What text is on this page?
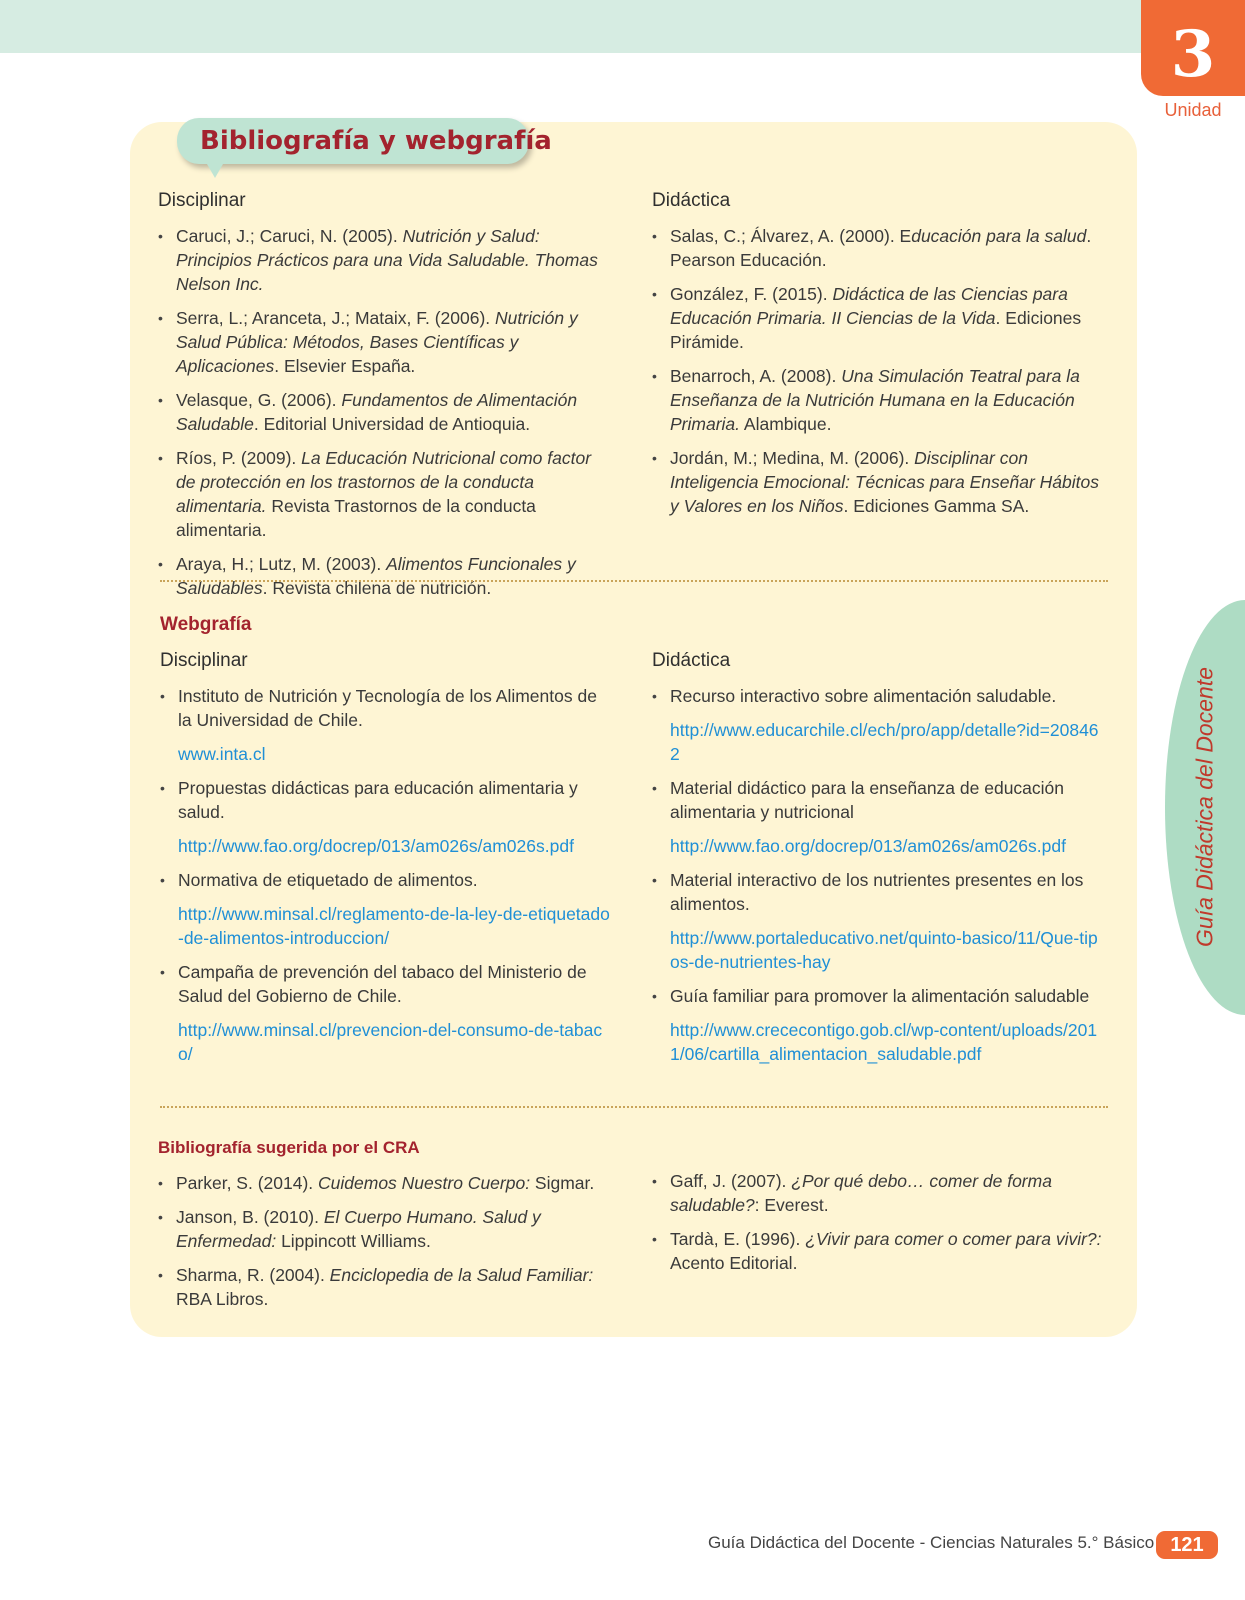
3
Unidad
Guía Didáctica del Docente
Bibliografía y webgrafía
Disciplinar
• Caruci, J.; Caruci, N. (2005). Nutrición y Salud: Principios Prácticos para una Vida Saludable. Thomas Nelson Inc.
• Serra, L.; Aranceta, J.; Mataix, F. (2006). Nutrición y Salud Pública: Métodos, Bases Científicas y Aplicaciones. Elsevier España.
• Velasque, G. (2006). Fundamentos de Alimentación Saludable. Editorial Universidad de Antioquia.
• Ríos, P. (2009). La Educación Nutricional como factor de protección en los trastornos de la conducta alimentaria. Revista Trastornos de la conducta alimentaria.
• Araya, H.; Lutz, M. (2003). Alimentos Funcionales y Saludables. Revista chilena de nutrición.
Didáctica
• Salas, C.; Álvarez, A. (2000). Educación para la salud. Pearson Educación.
• González, F. (2015). Didáctica de las Ciencias para Educación Primaria. II Ciencias de la Vida. Ediciones Pirámide.
• Benarroch, A. (2008). Una Simulación Teatral para la Enseñanza de la Nutrición Humana en la Educación Primaria. Alambique.
• Jordán, M.; Medina, M. (2006). Disciplinar con Inteligencia Emocional: Técnicas para Enseñar Hábitos y Valores en los Niños. Ediciones Gamma SA.
Webgrafía
Disciplinar
• Instituto de Nutrición y Tecnología de los Alimentos de la Universidad de Chile.
www.inta.cl
• Propuestas didácticas para educación alimentaria y salud.
http://www.fao.org/docrep/013/am026s/am026s.pdf
• Normativa de etiquetado de alimentos.
http://www.minsal.cl/reglamento-de-la-ley-de-etiquetado-de-alimentos-introduccion/
• Campaña de prevención del tabaco del Ministerio de Salud del Gobierno de Chile.
http://www.minsal.cl/prevencion-del-consumo-de-tabaco/
Didáctica
• Recurso interactivo sobre alimentación saludable.
http://www.educarchile.cl/ech/pro/app/detalle?id=208462
• Material didáctico para la enseñanza de educación alimentaria y nutricional
http://www.fao.org/docrep/013/am026s/am026s.pdf
• Material interactivo de los nutrientes presentes en los alimentos.
http://www.portaleducativo.net/quinto-basico/11/Que-tipos-de-nutrientes-hay
• Guía familiar para promover la alimentación saludable
http://www.crececontigo.gob.cl/wp-content/uploads/2011/06/cartilla_alimentacion_saludable.pdf
Bibliografía sugerida por el CRA
• Parker, S. (2014). Cuidemos Nuestro Cuerpo: Sigmar.
• Janson, B. (2010). El Cuerpo Humano. Salud y Enfermedad: Lippincott Williams.
• Sharma, R. (2004). Enciclopedia de la Salud Familiar: RBA Libros.
• Gaff, J. (2007). ¿Por qué debo… comer de forma saludable?: Everest.
• Tardà, E. (1996). ¿Vivir para comer o comer para vivir?: Acento Editorial.
Guía Didáctica del Docente - Ciencias Naturales 5.° Básico 121
